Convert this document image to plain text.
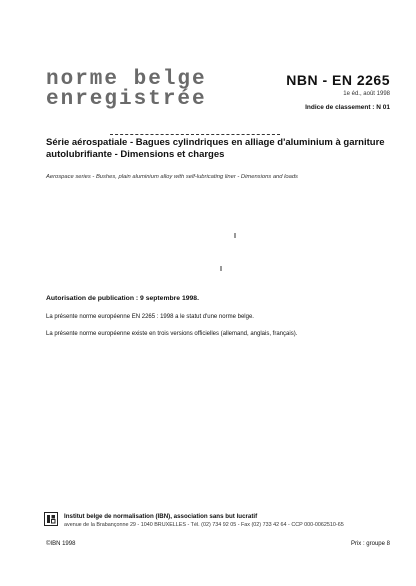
norme belge
enregistrée
NBN - EN 2265
1e éd., août 1998
Indice de classement : N 01
Série aérospatiale - Bagues cylindriques en alliage d'aluminium à garniture autolubrifiante - Dimensions et charges
Aerospace series - Bushes, plain aluminium alloy with self-lubricating liner - Dimensions and loads
Autorisation de publication : 9 septembre 1998.
La présente norme européenne EN 2265 : 1998 a le statut d'une norme belge.
La présente norme européenne existe en trois versions officielles (allemand, anglais, français).
Institut belge de normalisation (IBN), association sans but lucratif
avenue de la Brabançonne 29 - 1040 BRUXELLES - Tél. (02) 734 92 05 - Fax (02) 733 42 64 - CCP 000-0062510-65
©IBN 1998	Prix : groupe 8
